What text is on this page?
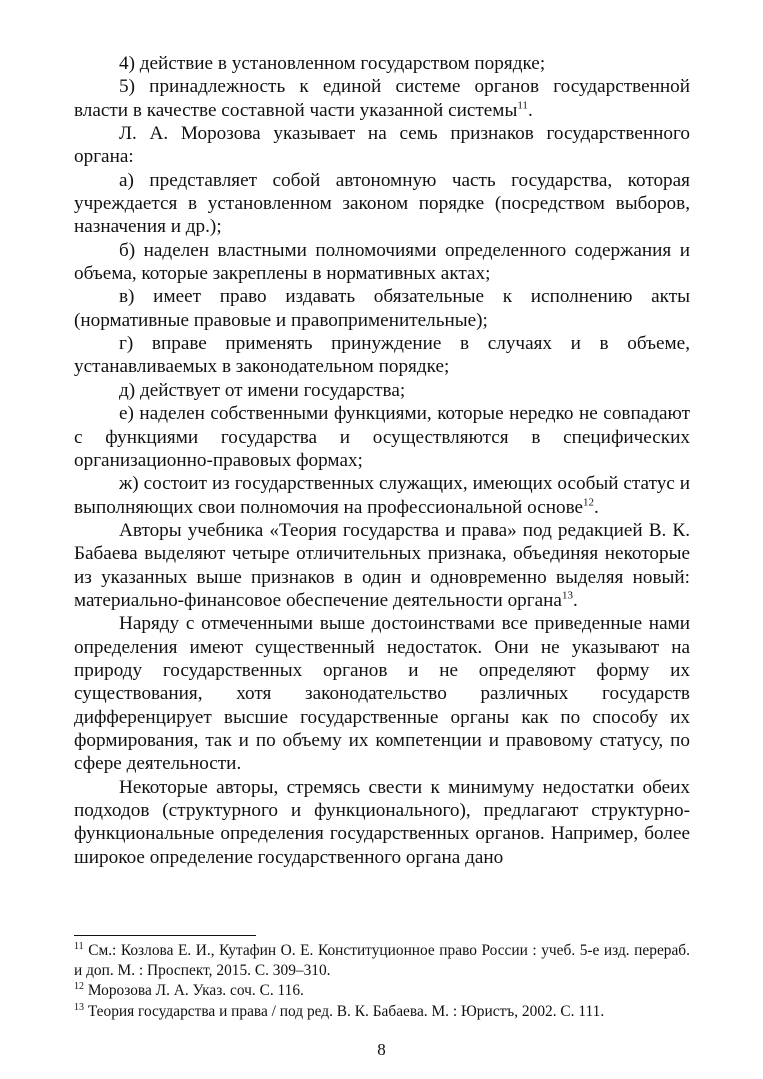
4) действие в установленном государством порядке;

5) принадлежность к единой системе органов государственной власти в качестве составной части указанной системы$^{11}$.

Л. А. Морозова указывает на семь признаков государственного органа:

а) представляет собой автономную часть государства, которая учреждается в установленном законом порядке (посредством выборов, назначения и др.);

б) наделен властными полномочиями определенного содержания и объема, которые закреплены в нормативных актах;

в) имеет право издавать обязательные к исполнению акты (нормативные правовые и правоприменительные);

г) вправе применять принуждение в случаях и в объеме, устанавливаемых в законодательном порядке;

д) действует от имени государства;

е) наделен собственными функциями, которые нередко не совпадают с функциями государства и осуществляются в специфических организационно-правовых формах;

ж) состоит из государственных служащих, имеющих особый статус и выполняющих свои полномочия на профессиональной основе$^{12}$.

Авторы учебника «Теория государства и права» под редакцией В. К. Бабаева выделяют четыре отличительных признака, объединяя некоторые из указанных выше признаков в один и одновременно выделяя новый: материально-финансовое обеспечение деятельности органа$^{13}$.

Наряду с отмеченными выше достоинствами все приведенные нами определения имеют существенный недостаток. Они не указывают на природу государственных органов и не определяют форму их существования, хотя законодательство различных государств дифференцирует высшие государственные органы как по способу их формирования, так и по объему их компетенции и правовому статусу, по сфере деятельности.

Некоторые авторы, стремясь свести к минимуму недостатки обеих подходов (структурного и функционального), предлагают структурно-функциональные определения государственных органов. Например, более широкое определение государственного органа дано

$^{11}$ См.: Козлова Е. И., Кутафин О. Е. Конституционное право России : учеб. 5-е изд. перераб. и доп. М. : Проспект, 2015. С. 309–310.

$^{12}$ Морозова Л. А. Указ. соч. С. 116.

$^{13}$ Теория государства и права / под ред. В. К. Бабаева. М. : Юристъ, 2002. С. 111.

8
